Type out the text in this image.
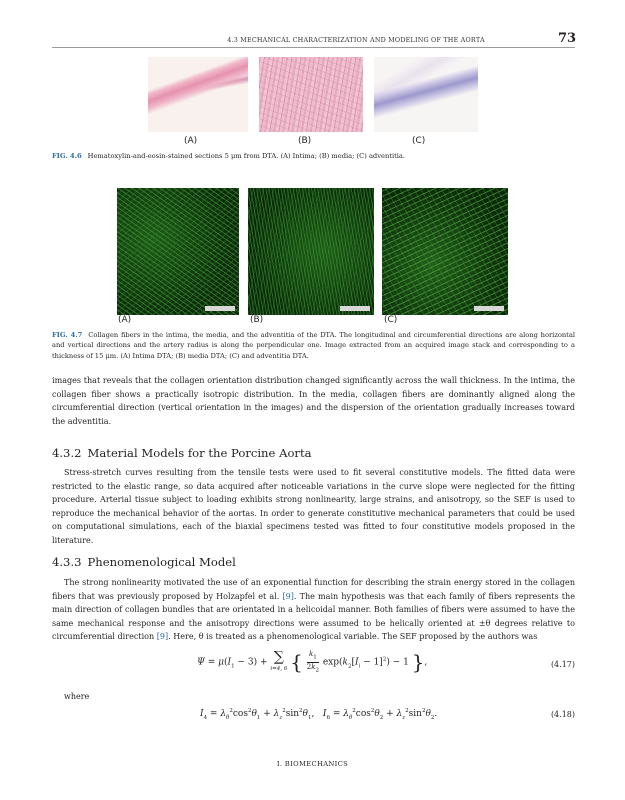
4.3 MECHANICAL CHARACTERIZATION AND MODELING OF THE AORTA	73
(A)	(B)	(C)
FIG. 4.6 Hematoxylin-and-eosin-stained sections 5 μm from DTA. (A) Intima; (B) media; (C) adventitia.
(A)	(B)	(C)
FIG. 4.7 Collagen fibers in the intima, the media, and the adventitia of the DTA. The longitudinal and circumferential directions are along horizontal and vertical directions and the artery radius is along the perpendicular one. Image extracted from an acquired image stack and corresponding to a thickness of 15 μm. (A) Intima DTA; (B) media DTA; (C) and adventitia DTA.

images that reveals that the collagen orientation distribution changed significantly across the wall thickness. In the intima, the collagen fiber shows a practically isotropic distribution. In the media, collagen fibers are dominantly aligned along the circumferential direction (vertical orientation in the images) and the dispersion of the orientation gradually increases toward the adventitia.

4.3.2 Material Models for the Porcine Aorta

Stress-stretch curves resulting from the tensile tests were used to fit several constitutive models. The fitted data were restricted to the elastic range, so data acquired after noticeable variations in the curve slope were neglected for the fitting procedure. Arterial tissue subject to loading exhibits strong nonlinearity, large strains, and anisotropy, so the SEF is used to reproduce the mechanical behavior of the aortas. In order to generate constitutive mechanical parameters that could be used on computational simulations, each of the biaxial specimens tested was fitted to four constitutive models proposed in the literature.

4.3.3 Phenomenological Model

The strong nonlinearity motivated the use of an exponential function for describing the strain energy stored in the collagen fibers that was previously proposed by Holzapfel et al. [9]. The main hypothesis was that each family of fibers represents the main direction of collagen bundles that are orientated in a helicoidal manner. Both families of fibers were assumed to have the same mechanical response and the anisotropy directions were assumed to be helically oriented at ±θ degrees relative to circumferential direction [9]. Here, θ is treated as a phenomenological variable. The SEF proposed by the authors was

$\Psi = \mu(I_1 - 3)$ + ∑
i=4, 6 { $\frac{k_1}{2k_2} \exp(k_2[I_i - 1]^2) - 1$ },	(4.17)
where
$I_4 = \lambda_\theta^2\cos^2\theta_1 + \lambda_z^2\sin^2\theta_1$,   $I_6 = \lambda_\theta^2\cos^2\theta_2 + \lambda_z^2\sin^2\theta_2$.	(4.18)
I. BIOMECHANICS
